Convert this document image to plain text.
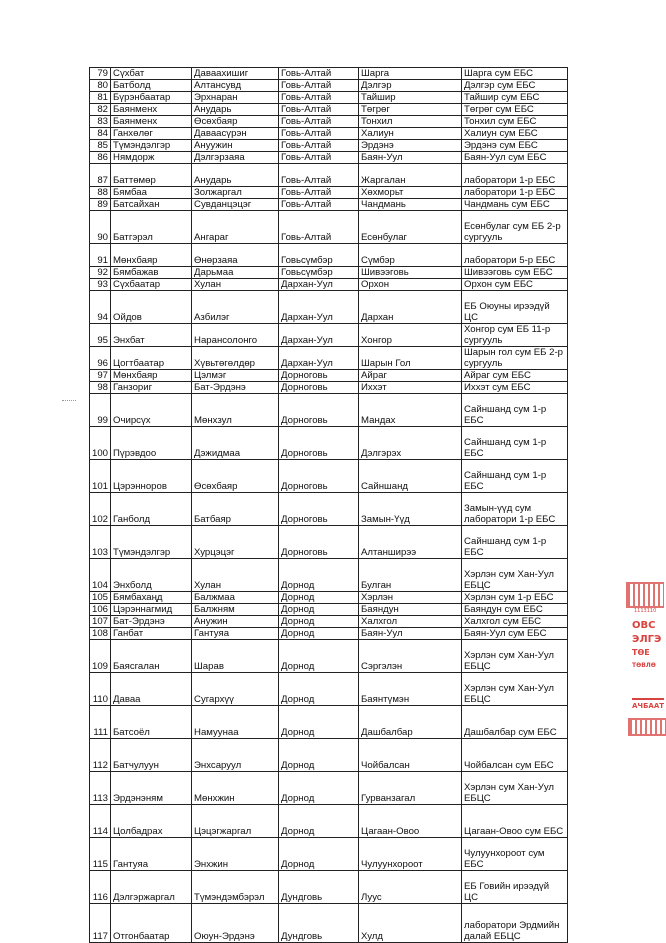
79	Сүхбат	Даваахишиг	Говь-Алтай	Шарга	Шарга сум ЕБС
80	Батболд	Алтансувд	Говь-Алтай	Дэлгэр	Дэлгэр сум ЕБС
81	Бүрэнбаатар	Эрхнаран	Говь-Алтай	Тайшир	Тайшир сум ЕБС
82	Баянменх	Анударь	Говь-Алтай	Төгрөг	Төгрөг сум ЕБС
83	Баянменх	Өсөхбаяр	Говь-Алтай	Тонхил	Тонхил сум ЕБС
84	Ганхөлөг	Даваасүрэн	Говь-Алтай	Халиун	Халиун сум ЕБС
85	Түмэндэлгэр	Ануужин	Говь-Алтай	Эрдэнэ	Эрдэнэ сум ЕБС
86	Нямдорж	Дэлгэрзаяа	Говь-Алтай	Баян-Уул	Баян-Уул сум ЕБС
87	Баттөмөр	Анударь	Говь-Алтай	Жаргалан	лаборатори 1-р ЕБС
88	Бямбаа	Золжаргал	Говь-Алтай	Хөхморьт	лаборатори 1-р ЕБС
89	Батсайхан	Сувданцэцэг	Говь-Алтай	Чандмань	Чандмань сум ЕБС
90	Батгэрэл	Ангараг	Говь-Алтай	Есөнбулаг	Есөнбулаг сум ЕБ 2-р сургууль
91	Мөнхбаяр	Өнөрзаяа	Говьсүмбэр	Сүмбэр	лаборатори 5-р ЕБС
92	Бямбажав	Дарьмаа	Говьсүмбэр	Шивээговь	Шивээговь сум ЕБС
93	Сүхбаатар	Хулан	Дархан-Уул	Орхон	Орхон сум ЕБС
94	Ойдов	Азбилэг	Дархан-Уул	Дархан	ЕБ Оюуны ирээдүй ЦС
95	Энхбат	Наранcолонго	Дархан-Уул	Хонгор	Хонгор сум ЕБ 11-р сургууль
96	Цогтбаатар	Хүвьтөгөлдөр	Дархан-Уул	Шарын Гол	Шарын гол сум ЕБ 2-р сургууль
97	Мөнхбаяр	Цэлмэг	Дорноговь	Айраг	Айраг сум ЕБС
98	Ганзориг	Бат-Эрдэнэ	Дорноговь	Иххэт	Иххэт сум ЕБС
99	Очирсүх	Мөнхзул	Дорноговь	Мандах	Сайншанд сум 1-р ЕБС
100	Пүрэвдоо	Дэжидмаа	Дорноговь	Дэлгэрэх	Сайншанд сум 1-р ЕБС
101	Цэрэнноров	Өсөхбаяр	Дорноговь	Сайншанд	Сайншанд сум 1-р ЕБС
102	Ганболд	Батбаяр	Дорноговь	Замын-Үүд	Замын-үүд сум лаборатори 1-р ЕБС
103	Түмэндэлгэр	Хурцэцэг	Дорноговь	Алтанширээ	Сайншанд сум 1-р ЕБС
104	Энхболд	Хулан	Дорнод	Булган	Хэрлэн сум Хан-Уул ЕБЦС
105	Бямбахаңд	Балжмаа	Дорнод	Хэрлэн	Хэрлэн сум 1-р ЕБС
106	Цэрэннагмид	Балжням	Дорнод	Баяндун	Баяндун сум ЕБС
107	Бат-Эрдэнэ	Анужин	Дорнод	Халхгол	Халхгол сум ЕБС
108	Ганбат	Гантуяа	Дорнод	Баян-Уул	Баян-Уул сум ЕБС
109	Баясгалан	Шарав	Дорнод	Сэргэлэн	Хэрлэн сум Хан-Уул ЕБЦС
110	Даваа	Сугархүү	Дорнод	Баянтүмэн	Хэрлэн сум Хан-Уул ЕБЦС
111	Батсоёл	Намуунаа	Дорнод	Дашбалбар	Дашбалбар сум ЕБС
112	Батчулуун	Энхсаруул	Дорнод	Чойбалсан	Чойбалсан сум ЕБС
113	Эрдэнэням	Мөнхжин	Дорнод	Гурванзагал	Хэрлэн сум Хан-Уул ЕБЦС
114	Цолбадрах	Цэцэгжаргал	Дорнод	Цагаан-Овоо	Цагаан-Овоо сум ЕБС
115	Гантуяа	Энхжин	Дорнод	Чулуунхороот	Чулуунхороот сум ЕБС
116	Дэлгэржаргал	Түмэндэмбэрэл	Дундговь	Луус	ЕБ Говийн ирээдүй ЦС
117	Отгонбаатар	Оюун-Эрдэнэ	Дундговь	Хулд	лаборатори Эрдмийн далай ЕБЦС
1113110
ОВС
ЭЛГЭ
ТӨЕ
ТӨВЛӨ
АЧБААТ
